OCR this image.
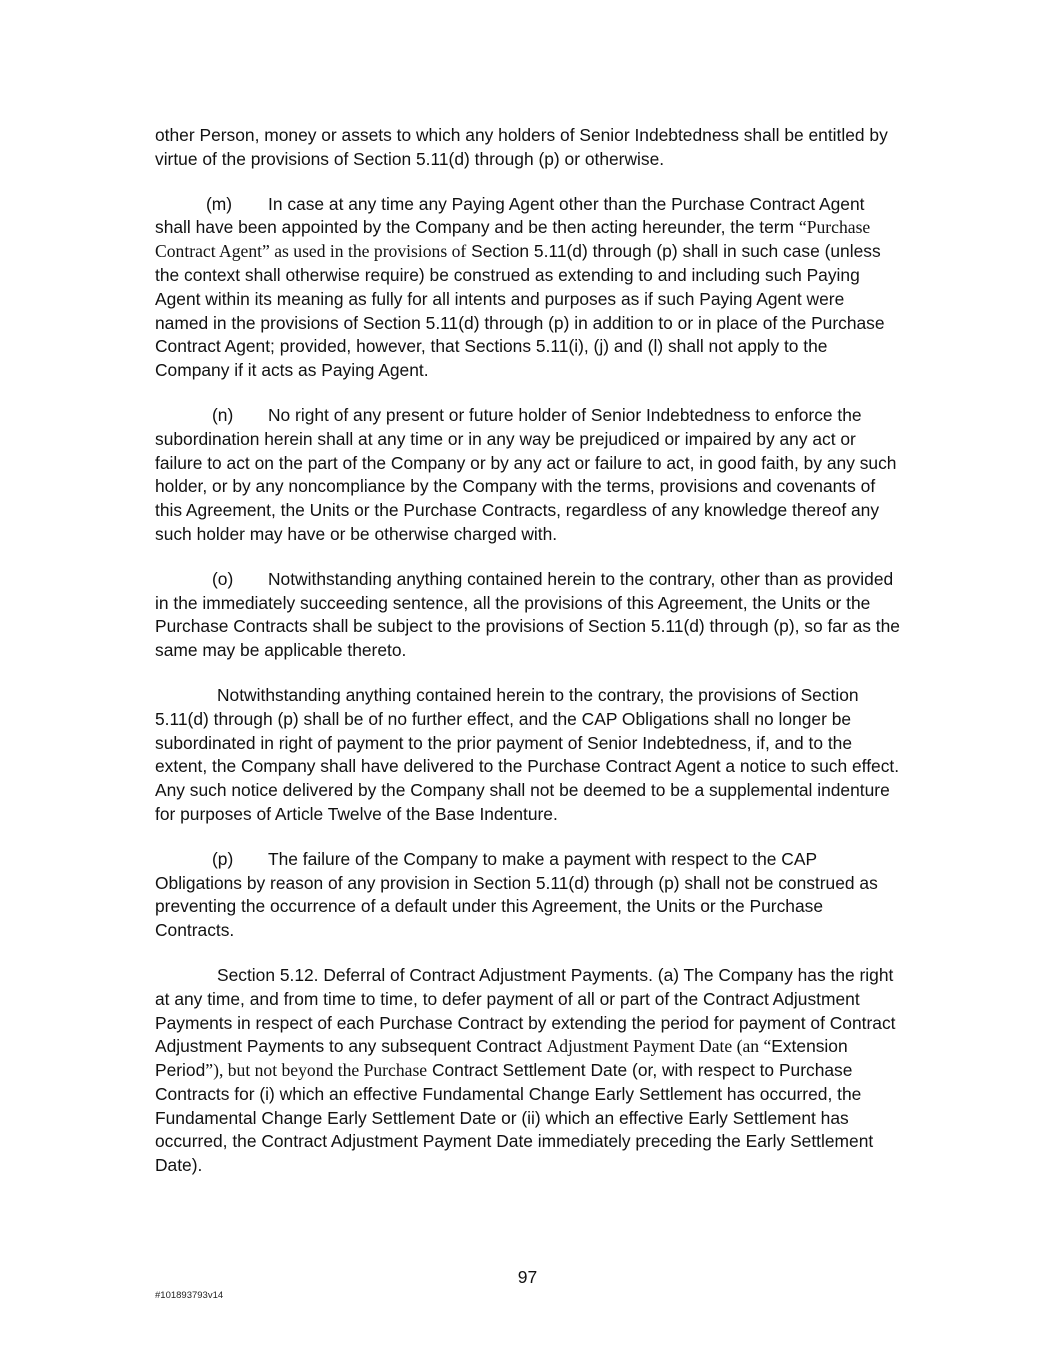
other Person, money or assets to which any holders of Senior Indebtedness shall be entitled by virtue of the provisions of Section 5.11(d) through (p) or otherwise.

(m) In case at any time any Paying Agent other than the Purchase Contract Agent shall have been appointed by the Company and be then acting hereunder, the term “Purchase Contract Agent” as used in the provisions of Section 5.11(d) through (p) shall in such case (unless the context shall otherwise require) be construed as extending to and including such Paying Agent within its meaning as fully for all intents and purposes as if such Paying Agent were named in the provisions of Section 5.11(d) through (p) in addition to or in place of the Purchase Contract Agent; provided, however, that Sections 5.11(i), (j) and (l) shall not apply to the Company if it acts as Paying Agent.

(n) No right of any present or future holder of Senior Indebtedness to enforce the subordination herein shall at any time or in any way be prejudiced or impaired by any act or failure to act on the part of the Company or by any act or failure to act, in good faith, by any such holder, or by any noncompliance by the Company with the terms, provisions and covenants of this Agreement, the Units or the Purchase Contracts, regardless of any knowledge thereof any such holder may have or be otherwise charged with.

(o) Notwithstanding anything contained herein to the contrary, other than as provided in the immediately succeeding sentence, all the provisions of this Agreement, the Units or the Purchase Contracts shall be subject to the provisions of Section 5.11(d) through (p), so far as the same may be applicable thereto.

Notwithstanding anything contained herein to the contrary, the provisions of Section 5.11(d) through (p) shall be of no further effect, and the CAP Obligations shall no longer be subordinated in right of payment to the prior payment of Senior Indebtedness, if, and to the extent, the Company shall have delivered to the Purchase Contract Agent a notice to such effect. Any such notice delivered by the Company shall not be deemed to be a supplemental indenture for purposes of Article Twelve of the Base Indenture.

(p) The failure of the Company to make a payment with respect to the CAP Obligations by reason of any provision in Section 5.11(d) through (p) shall not be construed as preventing the occurrence of a default under this Agreement, the Units or the Purchase Contracts.

Section 5.12. Deferral of Contract Adjustment Payments. (a) The Company has the right at any time, and from time to time, to defer payment of all or part of the Contract Adjustment Payments in respect of each Purchase Contract by extending the period for payment of Contract Adjustment Payments to any subsequent Contract Adjustment Payment Date (an “Extension Period”), but not beyond the Purchase Contract Settlement Date (or, with respect to Purchase Contracts for (i) which an effective Fundamental Change Early Settlement has occurred, the Fundamental Change Early Settlement Date or (ii) which an effective Early Settlement has occurred, the Contract Adjustment Payment Date immediately preceding the Early Settlement Date).

97
#101893793v14
